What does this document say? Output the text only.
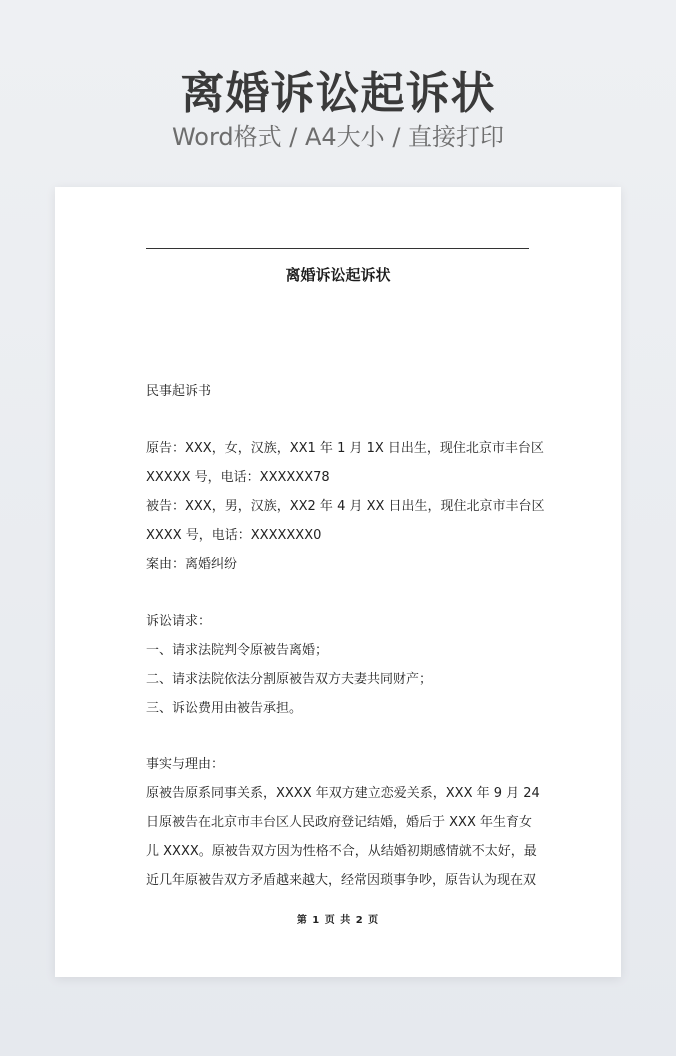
离婚诉讼起诉状
Word格式 / A4大小 / 直接打印
离婚诉讼起诉状
民事起诉书
原告：XXX，女，汉族，XX1 年 1 月 1X 日出生，现住北京市丰台区
XXXXX 号，电话：XXXXXX78
被告：XXX，男，汉族，XX2 年 4 月 XX 日出生，现住北京市丰台区
XXXX 号，电话：XXXXXXX0
案由：离婚纠纷
诉讼请求：
一、请求法院判令原被告离婚；
二、请求法院依法分割原被告双方夫妻共同财产；
三、诉讼费用由被告承担。
事实与理由：
原被告原系同事关系，XXXX 年双方建立恋爱关系，XXX 年 9 月 24
日原被告在北京市丰台区人民政府登记结婚，婚后于 XXX 年生育女
儿 XXXX。原被告双方因为性格不合，从结婚初期感情就不太好，最
近几年原被告双方矛盾越来越大，经常因琐事争吵，原告认为现在双
第 1 页 共 2 页
